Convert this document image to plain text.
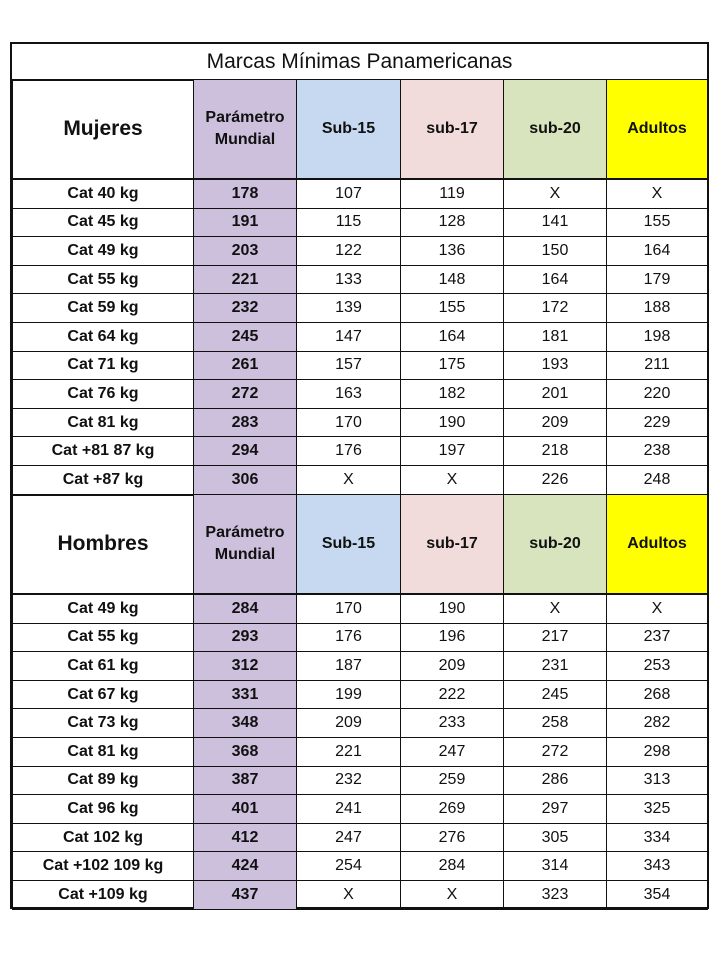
Marcas Mínimas Panamericanas
Mujeres	Parámetro Mundial	Sub-15	sub-17	sub-20	Adultos
Cat 40 kg	178	107	119	X	X
Cat 45 kg	191	115	128	141	155
Cat 49 kg	203	122	136	150	164
Cat 55 kg	221	133	148	164	179
Cat 59 kg	232	139	155	172	188
Cat 64 kg	245	147	164	181	198
Cat 71 kg	261	157	175	193	211
Cat 76 kg	272	163	182	201	220
Cat 81 kg	283	170	190	209	229
Cat +81 87 kg	294	176	197	218	238
Cat +87 kg	306	X	X	226	248
Hombres	Parámetro Mundial	Sub-15	sub-17	sub-20	Adultos
Cat 49 kg	284	170	190	X	X
Cat 55 kg	293	176	196	217	237
Cat 61 kg	312	187	209	231	253
Cat 67 kg	331	199	222	245	268
Cat 73 kg	348	209	233	258	282
Cat 81 kg	368	221	247	272	298
Cat 89 kg	387	232	259	286	313
Cat 96 kg	401	241	269	297	325
Cat 102 kg	412	247	276	305	334
Cat +102 109 kg	424	254	284	314	343
Cat +109 kg	437	X	X	323	354
